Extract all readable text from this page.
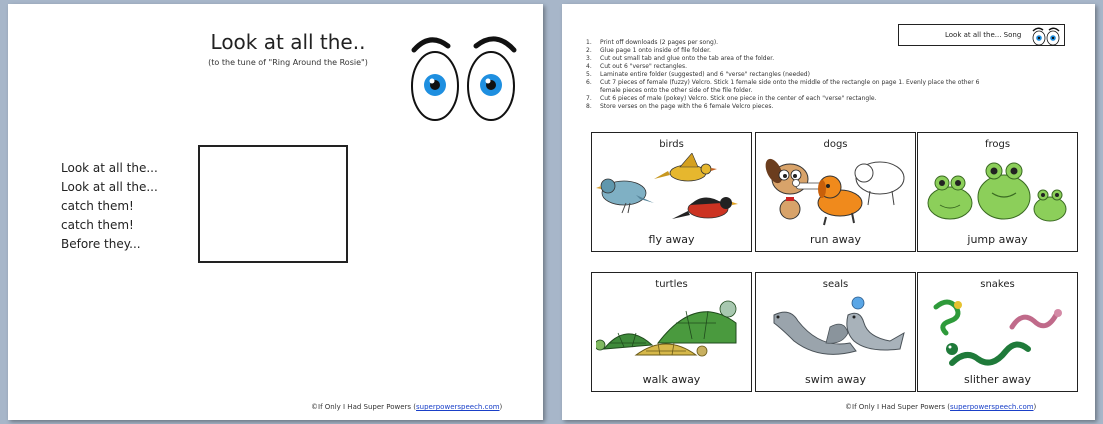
Look at all the..
(to the tune of "Ring Around the Rosie")
Look at all the...
Look at all the...
catch them!
catch them!
Before they...
©If Only I Had Super Powers (superpowerspeech.com)
1.	Print off downloads (2 pages per song).
2.	Glue page 1 onto inside of file folder.
3.	Cut out small tab and glue onto the tab area of the folder.
4.	Cut out 6 "verse" rectangles.
5.	Laminate entire folder (suggested) and 6 "verse" rectangles (needed)
6.	Cut 7 pieces of female (fuzzy) Velcro. Stick 1 female side onto the middle of the rectangle on page 1. Evenly place the other 6 female pieces onto the other side of the file folder.
7.	Cut 6 pieces of male (pokey) Velcro. Stick one piece in the center of each "verse" rectangle.
8.	Store verses on the page with the 6 female Velcro pieces.
Look at all the... Song
birds
fly away
dogs
run away
frogs
jump away
turtles
walk away
seals
swim away
snakes
slither away
©If Only I Had Super Powers (superpowerspeech.com)
